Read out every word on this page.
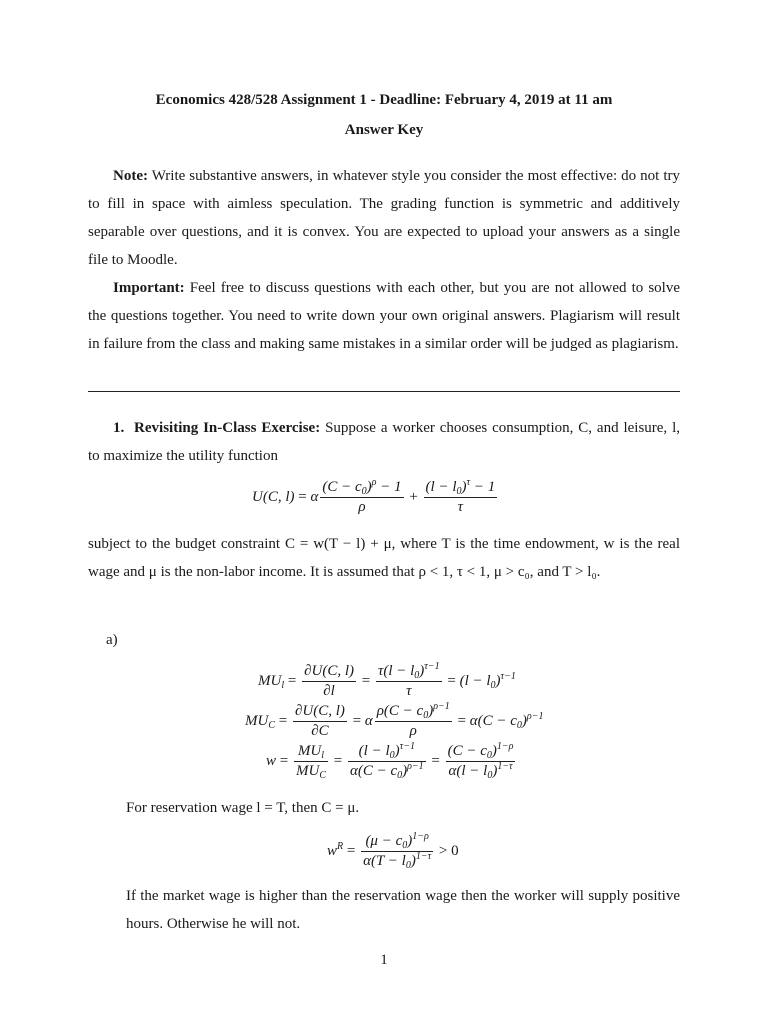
Economics 428/528 Assignment 1 - Deadline: February 4, 2019 at 11 am

Answer Key

Note: Write substantive answers, in whatever style you consider the most effective: do not try to fill in space with aimless speculation. The grading function is symmetric and additively separable over questions, and it is convex. You are expected to upload your answers as a single file to Moodle.

Important: Feel free to discuss questions with each other, but you are not allowed to solve the questions together. You need to write down your own original answers. Plagiarism will result in failure from the class and making same mistakes in a similar order will be judged as plagiarism.

1. Revisiting In-Class Exercise: Suppose a worker chooses consumption, C, and leisure, l, to maximize the utility function

U(C, l) = α $\frac{(C - c_0)^\rho - 1}{\rho} + \frac{(l - l_0)^\tau - 1}{\tau}$

subject to the budget constraint C = w(T − l) + μ, where T is the time endowment, w is the real wage and μ is the non-labor income. It is assumed that ρ < 1, τ < 1, μ > c₀, and T > l₀.

a)

$MU_l = \frac{\partial U(C, l)}{\partial l} = \frac{\tau(l - l_0)^{\tau-1}}{\tau} = (l - l_0)^{\tau-1}$
$MU_C = \frac{\partial U(C, l)}{\partial C} = \alpha \frac{\rho(C - c_0)^{\rho-1}}{\rho} = \alpha(C - c_0)^{\rho-1}$
$w = \frac{MU_l}{MU_C} = \frac{(l - l_0)^{\tau-1}}{\alpha(C - c_0)^{\rho-1}} = \frac{(C - c_0)^{1-\rho}}{\alpha(l - l_0)^{1-\tau}}$

For reservation wage l = T, then C = μ.

$w^R = \frac{(\mu - c_0)^{1-\rho}}{\alpha(T - l_0)^{1-\tau}} > 0$

If the market wage is higher than the reservation wage then the worker will supply positive hours. Otherwise he will not.

1
